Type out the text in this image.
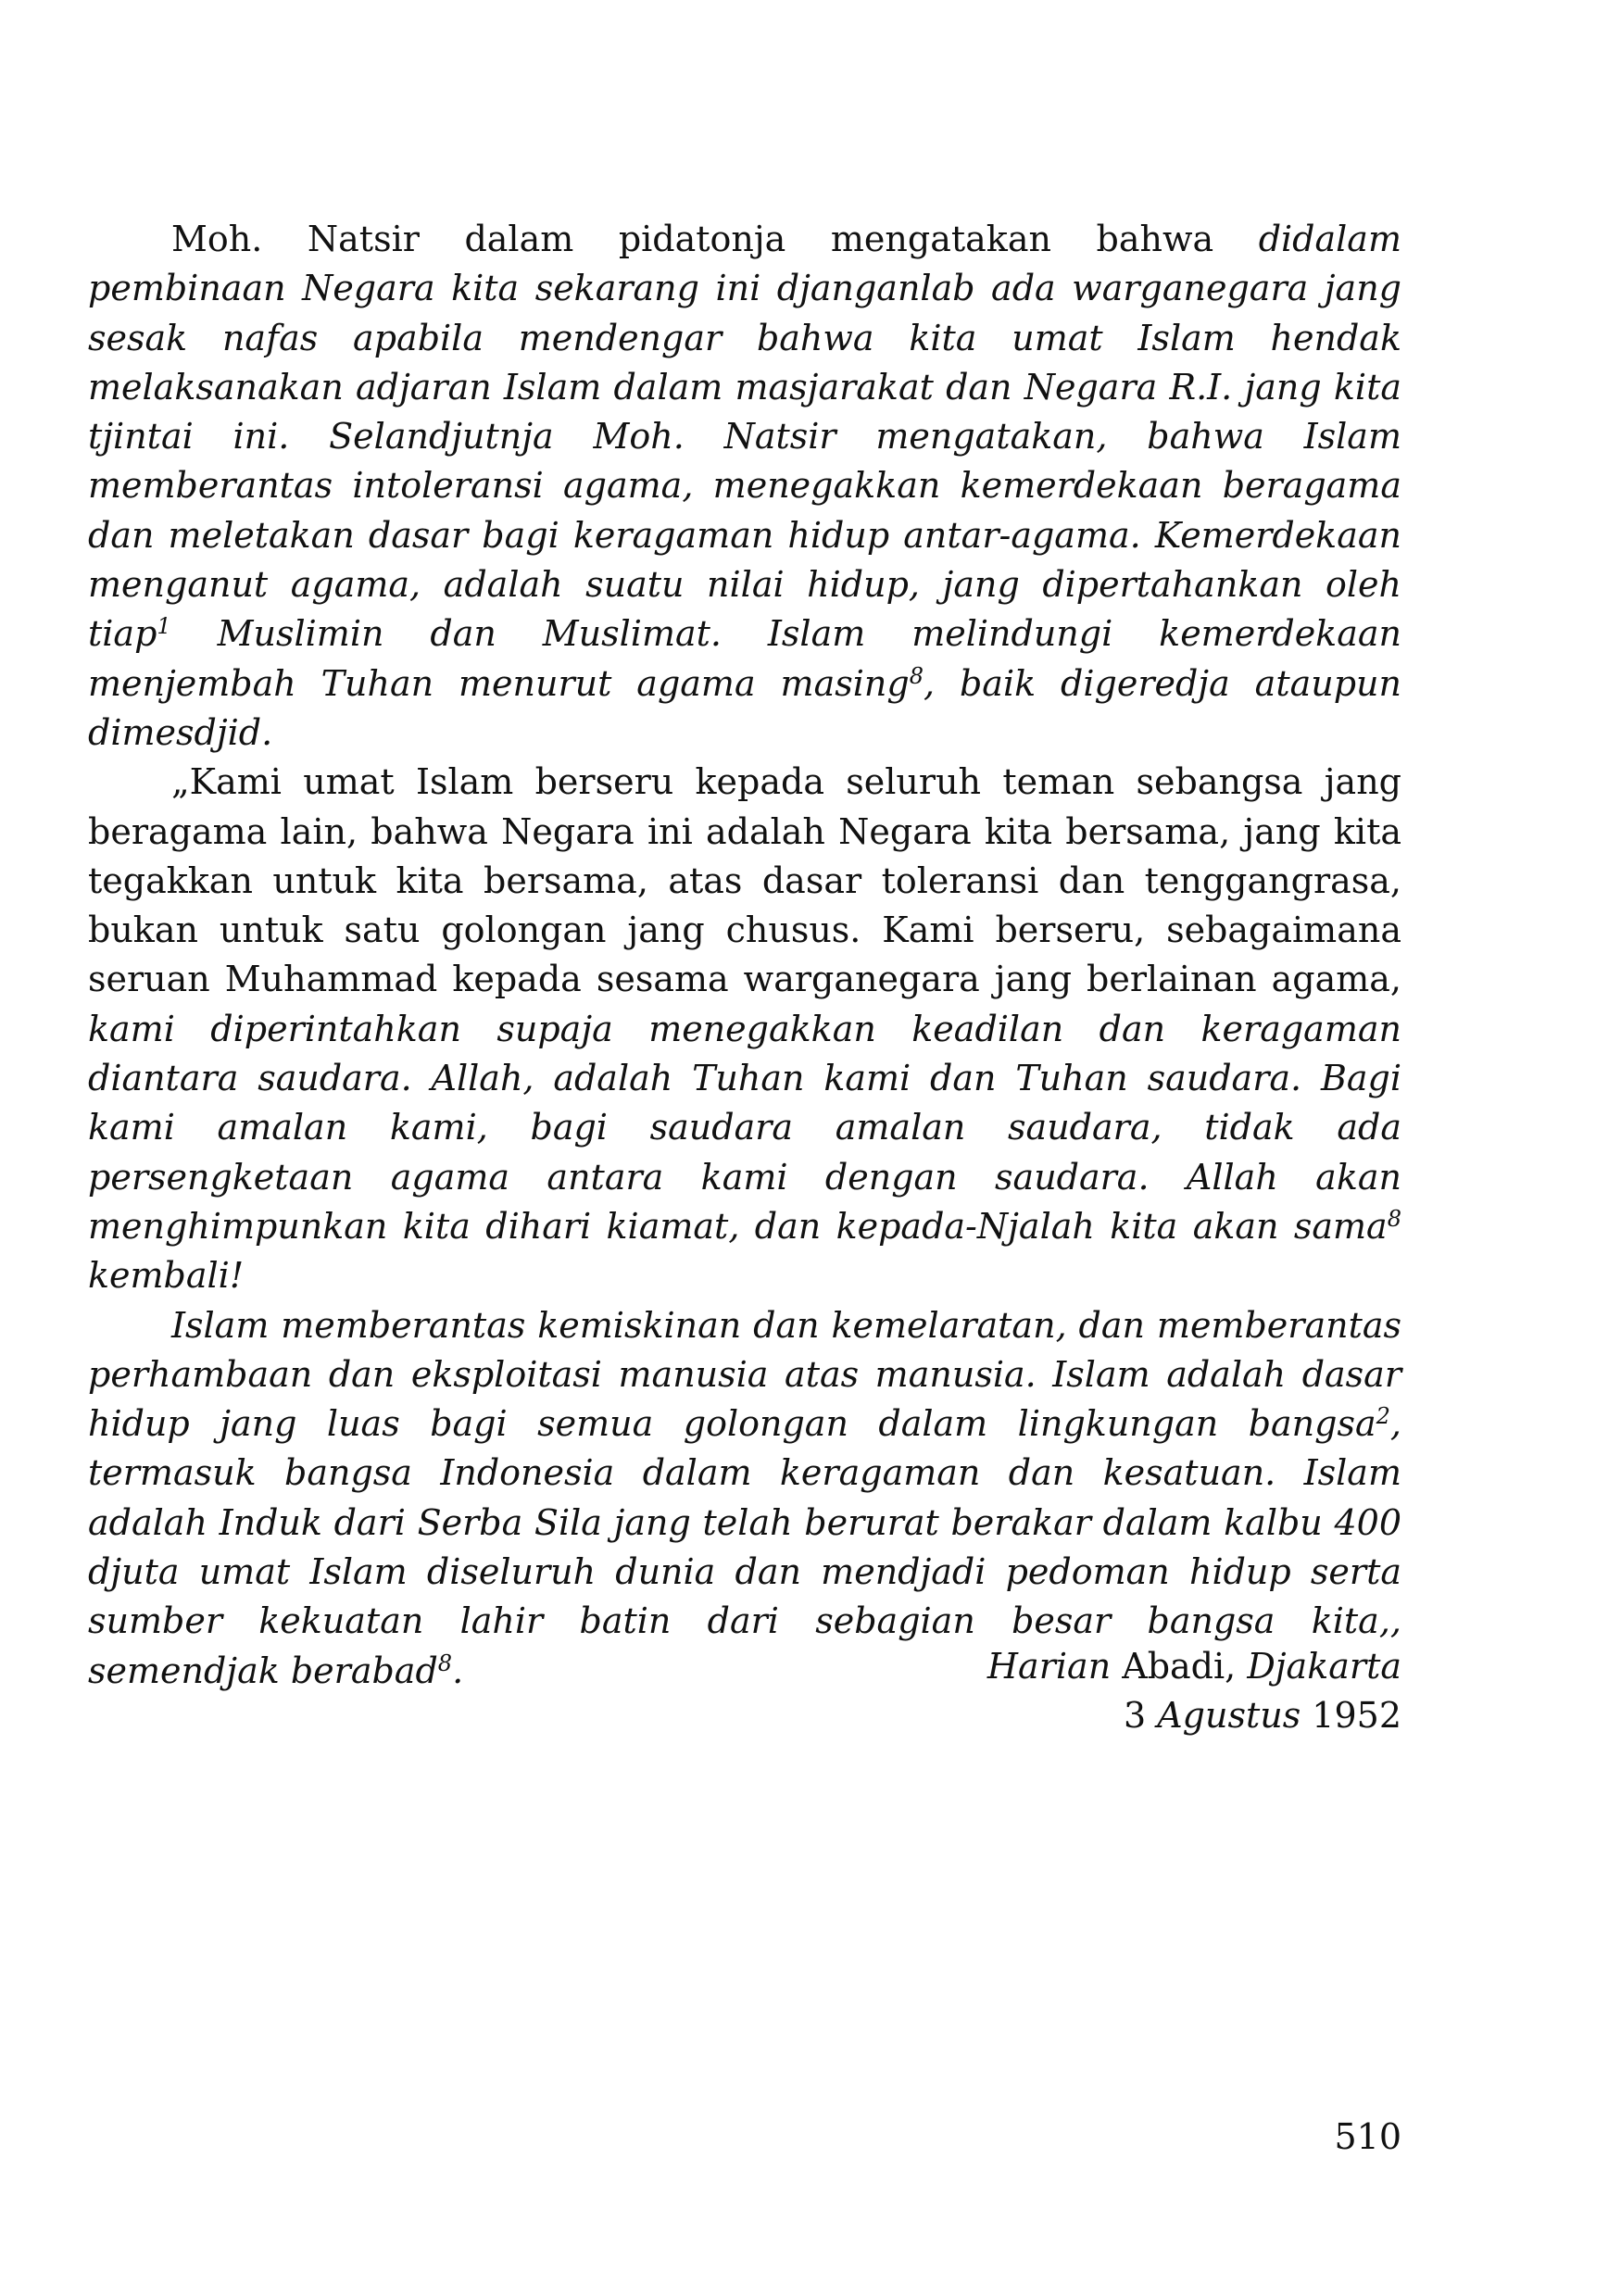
Moh. Natsir dalam pidatonja mengatakan bahwa didalam pembinaan Negara kita sekarang ini djanganlab ada warganegara jang sesak nafas apabila mendengar bahwa kita umat Islam hendak melaksanakan adjaran Islam dalam masjarakat dan Negara R.I. jang kita tjintai ini. Selandjutnja Moh. Natsir mengatakan, bahwa Islam memberantas intoleransi agama, menegakkan kemerdekaan beragama dan meletakan dasar bagi keragaman hidup antar-agama. Kemerdekaan menganut agama, adalah suatu nilai hidup, jang dipertahankan oleh tiap$^1$ Muslimin dan Muslimat. Islam melindungi kemerdekaan menjembah Tuhan menurut agama masing$^8$, baik digeredja ataupun dimesdjid.

„Kami umat Islam berseru kepada seluruh teman sebangsa jang beragama lain, bahwa Negara ini adalah Negara kita bersama, jang kita tegakkan untuk kita bersama, atas dasar toleransi dan tenggangrasa, bukan untuk satu golongan jang chusus. Kami berseru, sebagaimana seruan Muhammad kepada sesama warganegara jang berlainan agama, kami diperintahkan supaja menegakkan keadilan dan keragaman diantara saudara. Allah, adalah Tuhan kami dan Tuhan saudara. Bagi kami amalan kami, bagi saudara amalan saudara, tidak ada persengketaan agama antara kami dengan saudara. Allah akan menghimpunkan kita dihari kiamat, dan kepada-Njalah kita akan sama$^8$ kembali!

Islam memberantas kemiskinan dan kemelaratan, dan memberantas perhambaan dan eksploitasi manusia atas manusia. Islam adalah dasar hidup jang luas bagi semua golongan dalam lingkungan bangsa$^2$, termasuk bangsa Indonesia dalam keragaman dan kesatuan. Islam adalah Induk dari Serba Sila jang telah berurat berakar dalam kalbu 400 djuta umat Islam diseluruh dunia dan mendjadi pedoman hidup serta sumber kekuatan lahir batin dari sebagian besar bangsa kita,, semendjak berabad$^8$.	Harian Abadi, Djakarta
3 Agustus 1952
510
